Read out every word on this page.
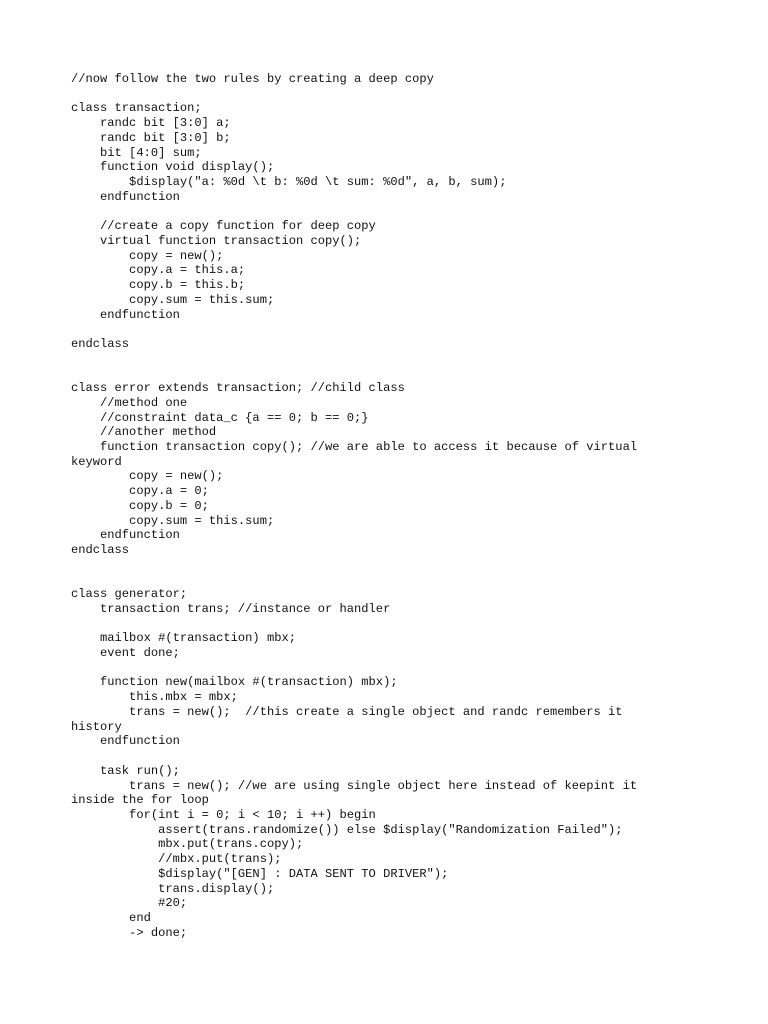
//now follow the two rules by creating a deep copy
class transaction;
randc bit [3:0] a;
randc bit [3:0] b;
bit [4:0] sum;
function void display();
$display("a: %0d \t b: %0d \t sum: %0d", a, b, sum);
endfunction
//create a copy function for deep copy
virtual function transaction copy();
copy = new();
copy.a = this.a;
copy.b = this.b;
copy.sum = this.sum;
endfunction
endclass
class error extends transaction; //child class
//method one
//constraint data_c {a == 0; b == 0;}
//another method
function transaction copy(); //we are able to access it because of virtual
keyword
copy = new();
copy.a = 0;
copy.b = 0;
copy.sum = this.sum;
endfunction
endclass
class generator;
transaction trans; //instance or handler
mailbox #(transaction) mbx;
event done;
function new(mailbox #(transaction) mbx);
this.mbx = mbx;
trans = new();  //this create a single object and randc remembers it
history
endfunction
task run();
trans = new(); //we are using single object here instead of keepint it
inside the for loop
for(int i = 0; i < 10; i ++) begin
assert(trans.randomize()) else $display("Randomization Failed");
mbx.put(trans.copy);
//mbx.put(trans);
$display("[GEN] : DATA SENT TO DRIVER");
trans.display();
#20;
end
-> done;
